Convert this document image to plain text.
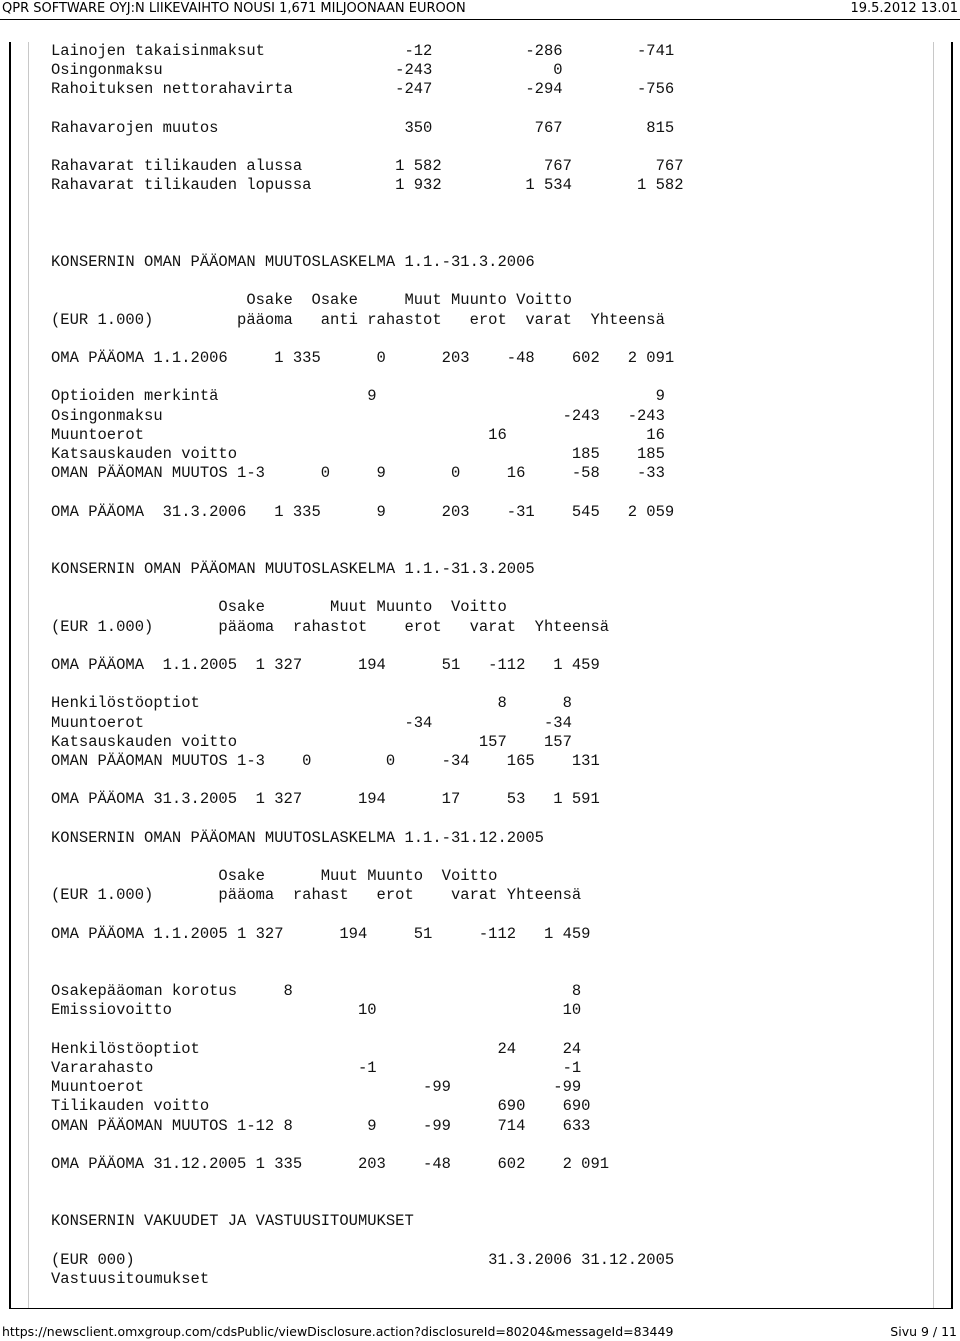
QPR SOFTWARE OYJ:N LIIKEVAIHTO NOUSI 1,671 MILJOONAAN EUROON	19.5.2012 13.01
Lainojen takaisinmaksut               -12          -286        -741
Osingonmaksu                         -243             0
Rahoituksen nettorahavirta           -247          -294        -756
Rahavarojen muutos                    350           767         815
Rahavarat tilikauden alussa          1 582           767         767
Rahavarat tilikauden lopussa         1 932         1 534       1 582
KONSERNIN OMAN PÄÄOMAN MUUTOSLASKELMA 1.1.-31.3.2006
Osake  Osake     Muut Muunto Voitto
(EUR 1.000)         pääoma   anti rahastot   erot  varat  Yhteensä
OMA PÄÄOMA 1.1.2006     1 335      0      203    -48    602   2 091
Optioiden merkintä                9                              9
Osingonmaksu                                           -243   -243
Muuntoerot                                     16               16
Katsauskauden voitto                                    185    185
OMAN PÄÄOMAN MUUTOS 1-3      0     9       0     16     -58    -33
OMA PÄÄOMA  31.3.2006   1 335      9      203    -31    545   2 059
KONSERNIN OMAN PÄÄOMAN MUUTOSLASKELMA 1.1.-31.3.2005
Osake       Muut Muunto  Voitto
(EUR 1.000)       pääoma  rahastot    erot   varat  Yhteensä
OMA PÄÄOMA  1.1.2005  1 327      194      51   -112   1 459
Henkilöstöoptiot                                8      8
Muuntoerot                            -34            -34
Katsauskauden voitto                          157    157
OMAN PÄÄOMAN MUUTOS 1-3    0        0     -34    165    131
OMA PÄÄOMA 31.3.2005  1 327      194      17     53   1 591
KONSERNIN OMAN PÄÄOMAN MUUTOSLASKELMA 1.1.-31.12.2005
Osake      Muut Muunto  Voitto
(EUR 1.000)       pääoma  rahast   erot    varat Yhteensä
OMA PÄÄOMA 1.1.2005 1 327      194     51     -112   1 459
Osakepääoman korotus     8                              8
Emissiovoitto                    10                    10
Henkilöstöoptiot                                24     24
Vararahasto                      -1                    -1
Muuntoerot                              -99           -99
Tilikauden voitto                               690    690
OMAN PÄÄOMAN MUUTOS 1-12 8        9     -99     714    633
OMA PÄÄOMA 31.12.2005 1 335      203    -48     602    2 091
KONSERNIN VAKUUDET JA VASTUUSITOUMUKSET
(EUR 000)                                      31.3.2006 31.12.2005
Vastuusitoumukset
https://newsclient.omxgroup.com/cdsPublic/viewDisclosure.action?disclosureId=80204&messageId=83449	Sivu 9 / 11
